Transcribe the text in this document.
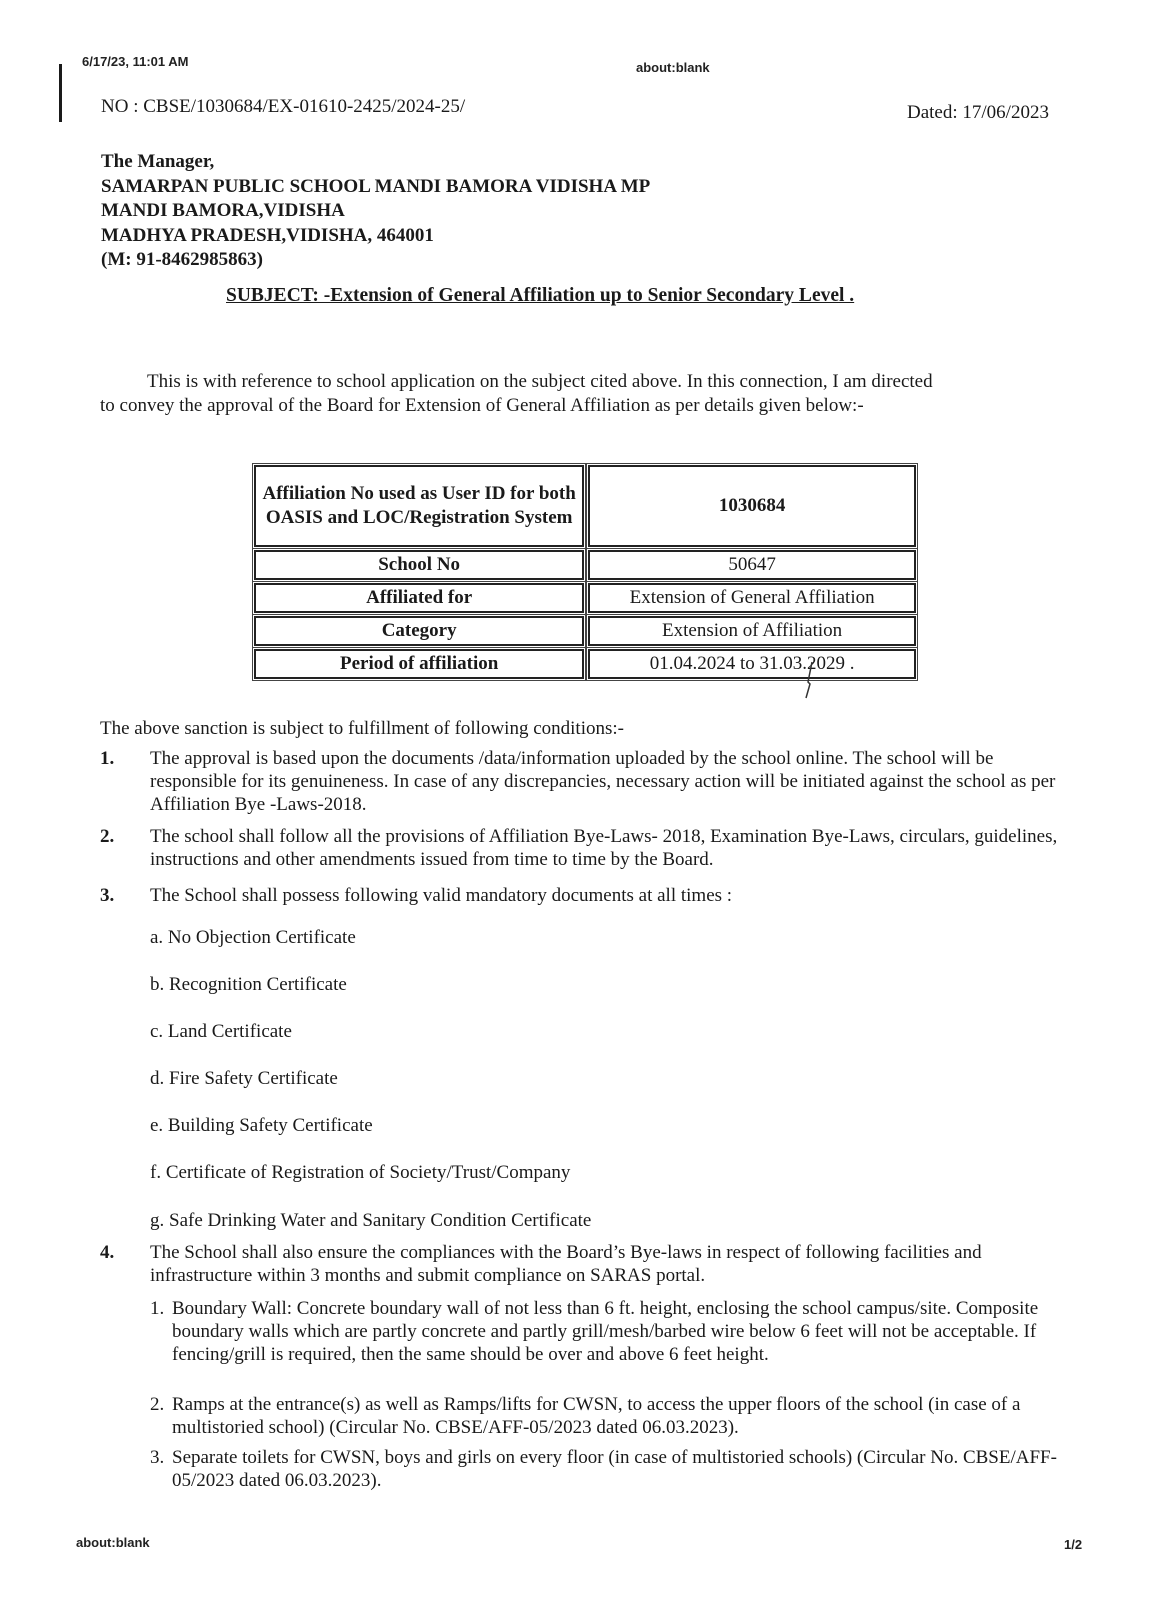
6/17/23, 11:01 AM	about:blank
NO : CBSE/1030684/EX-01610-2425/2024-25/	Dated: 17/06/2023
The Manager,
SAMARPAN PUBLIC SCHOOL MANDI BAMORA VIDISHA MP
MANDI BAMORA,VIDISHA
MADHYA PRADESH,VIDISHA, 464001
(M: 91-8462985863)
SUBJECT: -Extension of General Affiliation up to Senior Secondary Level .
This is with reference to school application on the subject cited above. In this connection, I am directed
to convey the approval of the Board for Extension of General Affiliation as per details given below:-
Affiliation No used as User ID for both OASIS and LOC/Registration System		1030684
School No		50647
Affiliated for		Extension of General Affiliation
Category		Extension of Affiliation
Period of affiliation		01.04.2024 to 31.03.2029 .
The above sanction is subject to fulfillment of following conditions:-
1. The approval is based upon the documents /data/information uploaded by the school online. The school will be responsible for its genuineness. In case of any discrepancies, necessary action will be initiated against the school as per Affiliation Bye -Laws-2018.
2. The school shall follow all the provisions of Affiliation Bye-Laws- 2018, Examination Bye-Laws, circulars, guidelines, instructions and other amendments issued from time to time by the Board.
3. The School shall possess following valid mandatory documents at all times :
a. No Objection Certificate
b. Recognition Certificate
c. Land Certificate
d. Fire Safety Certificate
e. Building Safety Certificate
f. Certificate of Registration of Society/Trust/Company
g. Safe Drinking Water and Sanitary Condition Certificate
4. The School shall also ensure the compliances with the Board’s Bye-laws in respect of following facilities and infrastructure within 3 months and submit compliance on SARAS portal.
1. Boundary Wall: Concrete boundary wall of not less than 6 ft. height, enclosing the school campus/site. Composite boundary walls which are partly concrete and partly grill/mesh/barbed wire below 6 feet will not be acceptable. If fencing/grill is required, then the same should be over and above 6 feet height.
2. Ramps at the entrance(s) as well as Ramps/lifts for CWSN, to access the upper floors of the school (in case of a multistoried school) (Circular No. CBSE/AFF-05/2023 dated 06.03.2023).
3. Separate toilets for CWSN, boys and girls on every floor (in case of multistoried schools) (Circular No. CBSE/AFF-05/2023 dated 06.03.2023).
about:blank	1/2
